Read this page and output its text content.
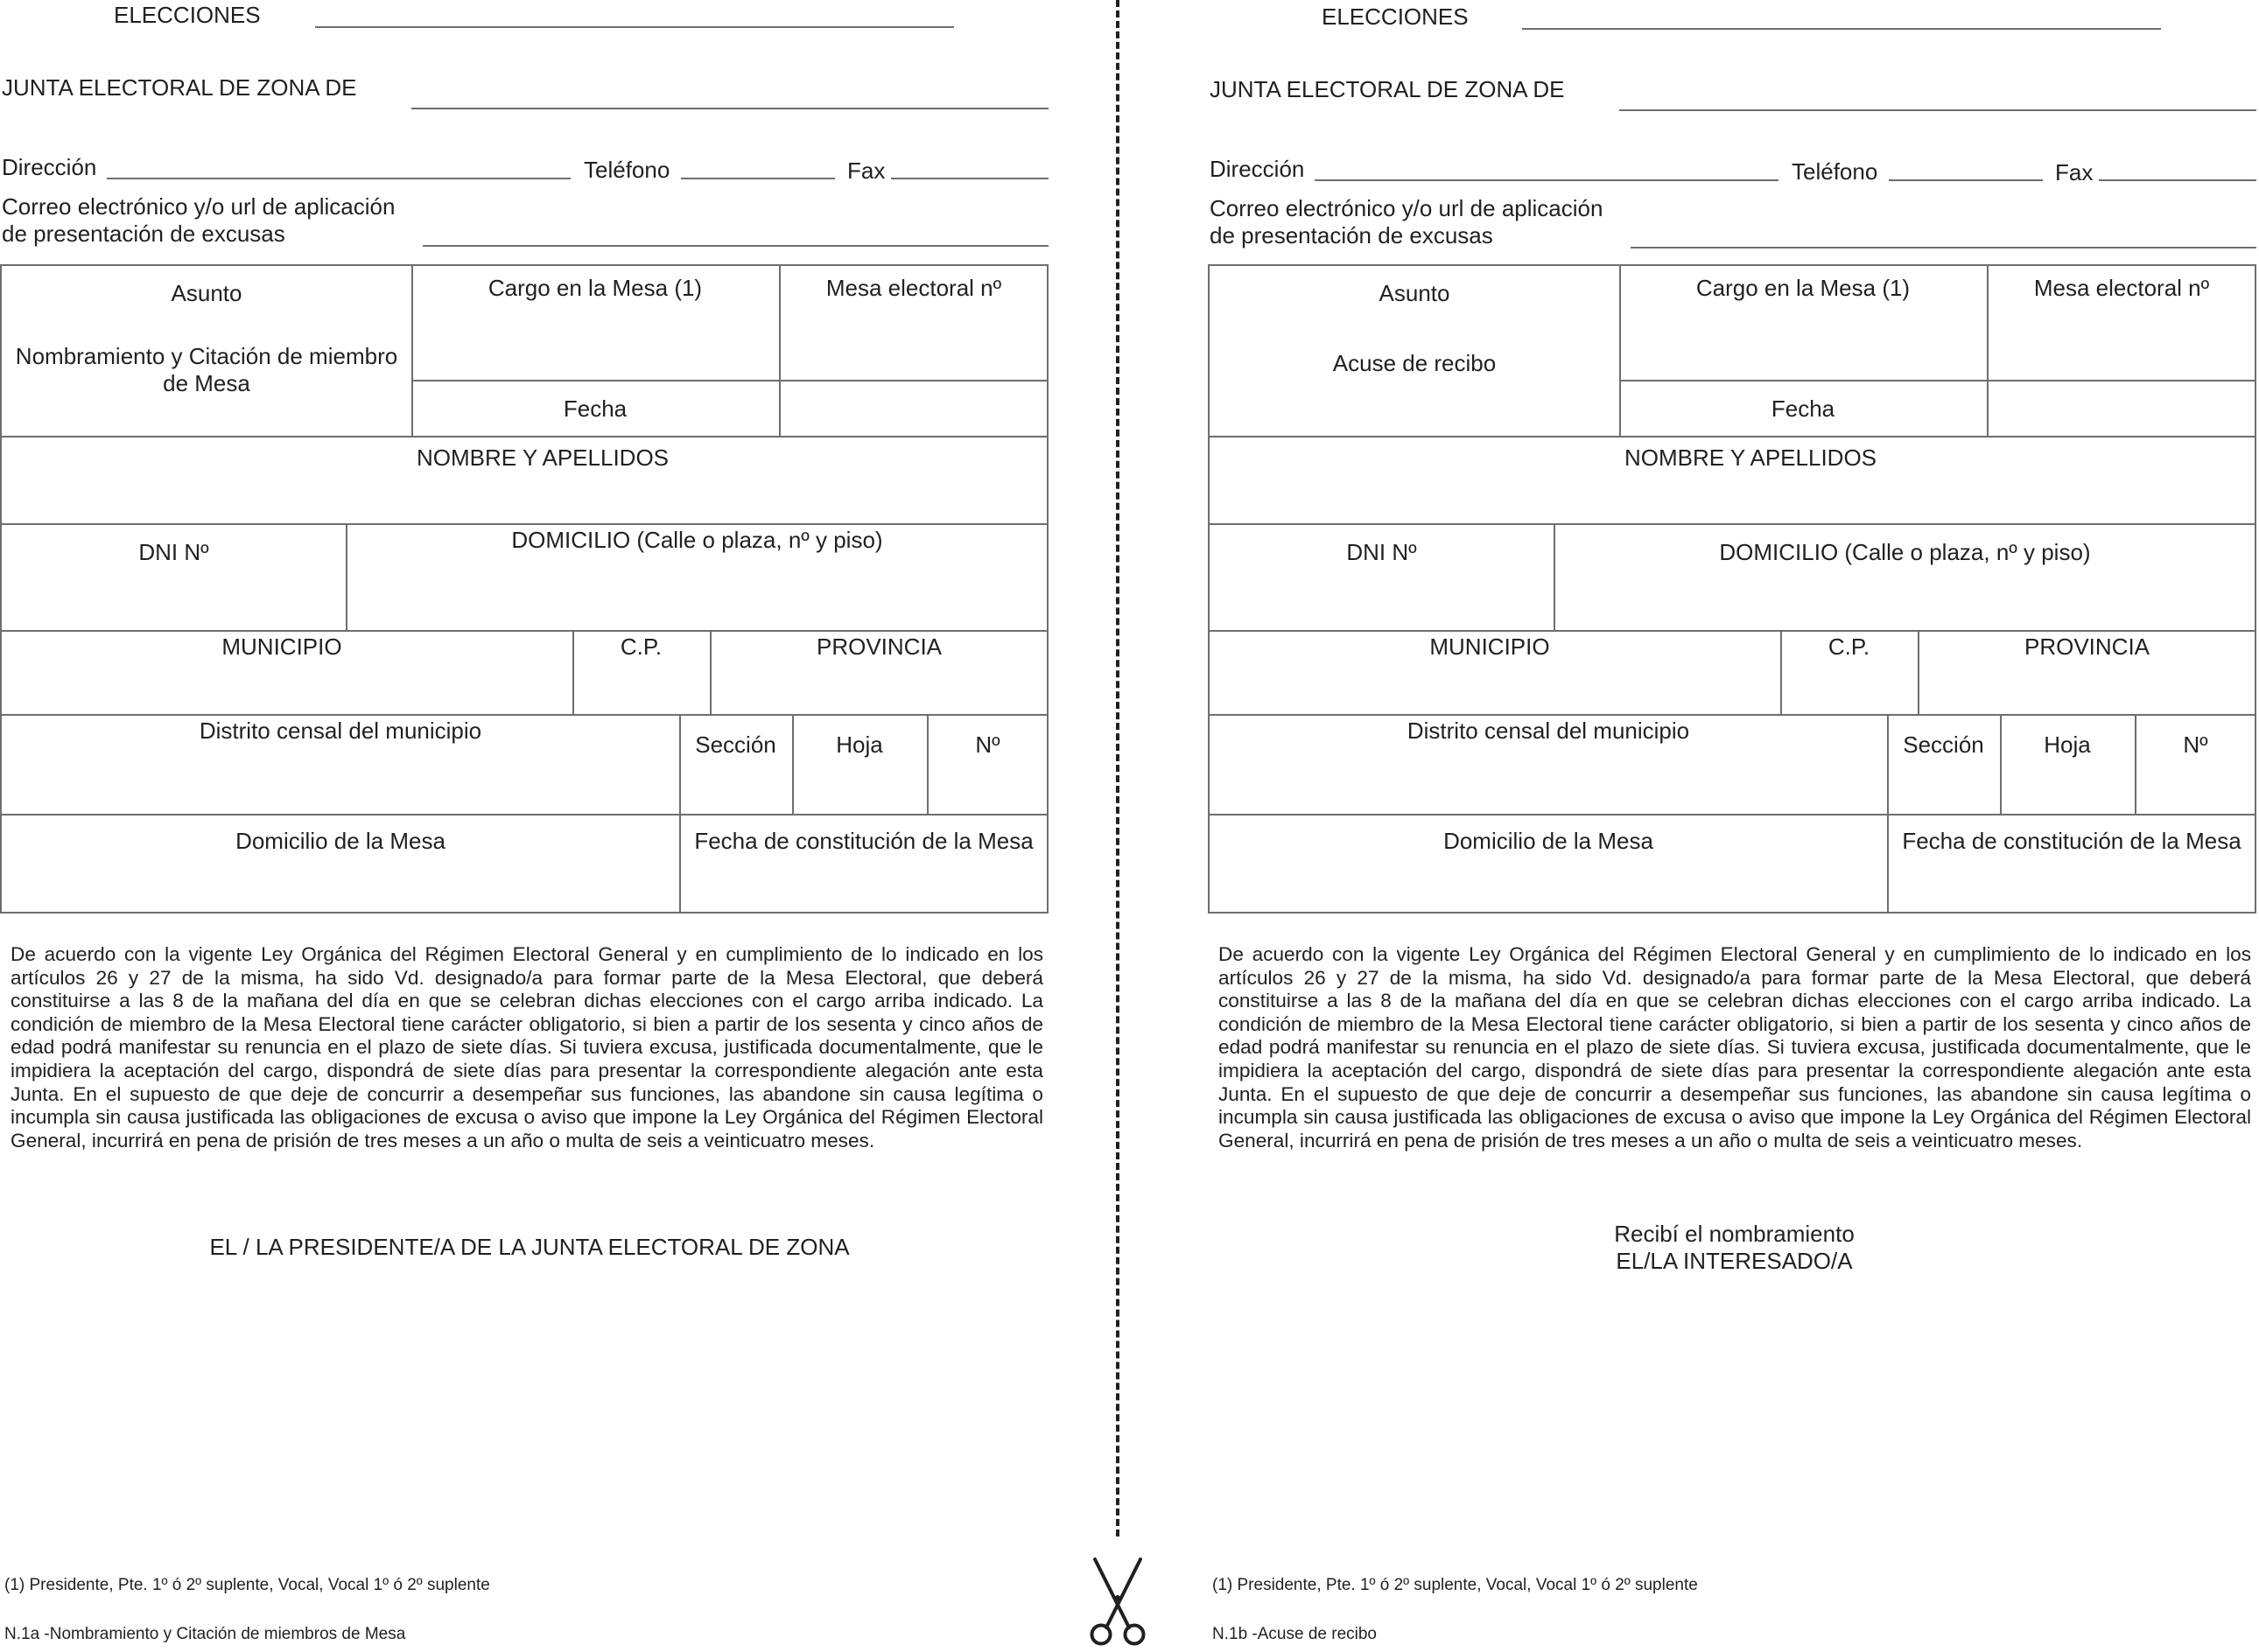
ELECCIONES
JUNTA ELECTORAL DE ZONA DE
Dirección	Teléfono	Fax
Correo electrónico y/o url de aplicación
de presentación de excusas
Asunto
Nombramiento y Citación de miembro de Mesa
Cargo en la Mesa (1)	Mesa electoral nº
Fecha
NOMBRE Y APELLIDOS
DNI Nº	DOMICILIO (Calle o plaza, nº y piso)
MUNICIPIO	C.P.	PROVINCIA
Distrito censal del municipio
Sección	Hoja	Nº
Domicilio de la Mesa	Fecha de constitución de la Mesa
De acuerdo con la vigente Ley Orgánica del Régimen Electoral General y en cumplimiento de lo indicado en los artículos 26 y 27 de la misma, ha sido Vd. designado/a para formar parte de la Mesa Electoral, que deberá constituirse a las 8 de la mañana del día en que se celebran dichas elecciones con el cargo arriba indicado. La condición de miembro de la Mesa Electoral tiene carácter obligatorio, si bien a partir de los sesenta y cinco años de edad podrá manifestar su renuncia en el plazo de siete días. Si tuviera excusa, justificada documentalmente, que le impidiera la aceptación del cargo, dispondrá de siete días para presentar la correspondiente alegación ante esta Junta. En el supuesto de que deje de concurrir a desempeñar sus funciones, las abandone sin causa legítima o incumpla sin causa justificada las obligaciones de excusa o aviso que impone la Ley Orgánica del Régimen Electoral General, incurrirá en pena de prisión de tres meses a un año o multa de seis a veinticuatro meses.
EL / LA PRESIDENTE/A DE LA JUNTA ELECTORAL DE ZONA
(1) Presidente, Pte. 1º ó 2º suplente, Vocal, Vocal 1º ó 2º suplente
N.1a -Nombramiento y Citación de miembros de Mesa
ELECCIONES
JUNTA ELECTORAL DE ZONA DE
Dirección	Teléfono	Fax
Correo electrónico y/o url de aplicación
de presentación de excusas
Asunto
Acuse de recibo
Cargo en la Mesa (1)	Mesa electoral nº
Fecha
NOMBRE Y APELLIDOS
DNI Nº	DOMICILIO (Calle o plaza, nº y piso)
MUNICIPIO	C.P.	PROVINCIA
Distrito censal del municipio
Sección	Hoja	Nº
Domicilio de la Mesa	Fecha de constitución de la Mesa
De acuerdo con la vigente Ley Orgánica del Régimen Electoral General y en cumplimiento de lo indicado en los artículos 26 y 27 de la misma, ha sido Vd. designado/a para formar parte de la Mesa Electoral, que deberá constituirse a las 8 de la mañana del día en que se celebran dichas elecciones con el cargo arriba indicado. La condición de miembro de la Mesa Electoral tiene carácter obligatorio, si bien a partir de los sesenta y cinco años de edad podrá manifestar su renuncia en el plazo de siete días. Si tuviera excusa, justificada documentalmente, que le impidiera la aceptación del cargo, dispondrá de siete días para presentar la correspondiente alegación ante esta Junta. En el supuesto de que deje de concurrir a desempeñar sus funciones, las abandone sin causa legítima o incumpla sin causa justificada las obligaciones de excusa o aviso que impone la Ley Orgánica del Régimen Electoral General, incurrirá en pena de prisión de tres meses a un año o multa de seis a veinticuatro meses.
Recibí el nombramiento
EL/LA INTERESADO/A
(1) Presidente, Pte. 1º ó 2º suplente, Vocal, Vocal 1º ó 2º suplente
N.1b -Acuse de recibo
